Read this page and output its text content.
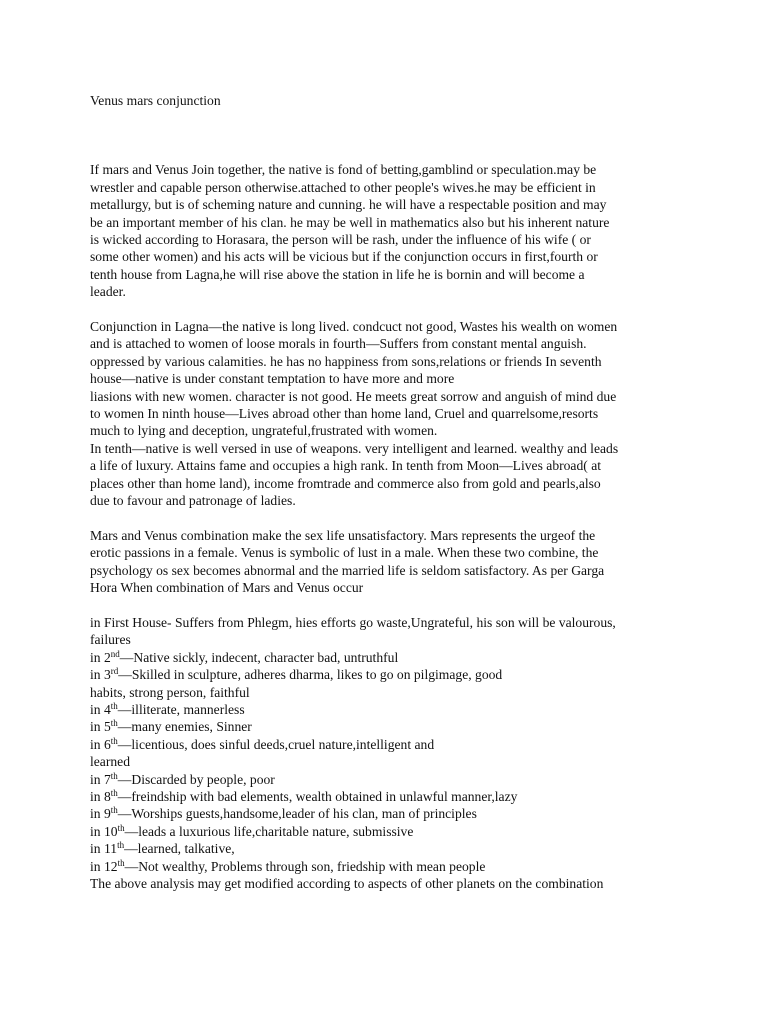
Venus mars conjunction
If mars and Venus Join together, the native is fond of betting,gamblind or speculation.may be
wrestler and capable person otherwise.attached to other people's wives.he may be efficient in
metallurgy, but is of scheming nature and cunning. he will have a respectable position and may
be an important member of his clan. he may be well in mathematics also but his inherent nature
is wicked according to Horasara, the person will be rash, under the influence of his wife ( or
some other women) and his acts will be vicious but if the conjunction occurs in first,fourth or
tenth house from Lagna,he will rise above the station in life he is bornin and will become a
leader.
Conjunction in Lagna—the native is long lived. condcuct not good, Wastes his wealth on women
and is attached to women of loose morals in fourth—Suffers from constant mental anguish.
oppressed by various calamities. he has no happiness from sons,relations or friends In seventh
house—native is under constant temptation to have more and more
liasions with new women. character is not good. He meets great sorrow and anguish of mind due
to women In ninth house—Lives abroad other than home land, Cruel and quarrelsome,resorts
much to lying and deception, ungrateful,frustrated with women.
In tenth—native is well versed in use of weapons. very intelligent and learned. wealthy and leads
a life of luxury. Attains fame and occupies a high rank. In tenth from Moon—Lives abroad( at
places other than home land), income fromtrade and commerce also from gold and pearls,also
due to favour and patronage of ladies.
Mars and Venus combination make the sex life unsatisfactory. Mars represents the urgeof the
erotic passions in a female. Venus is symbolic of lust in a male. When these two combine, the
psychology os sex becomes abnormal and the married life is seldom satisfactory. As per Garga
Hora When combination of Mars and Venus occur
in First House- Suffers from Phlegm, hies efforts go waste,Ungrateful, his son will be valourous,
failures
in 2nd—Native sickly, indecent, character bad, untruthful
in 3rd—Skilled in sculpture, adheres dharma, likes to go on pilgimage, good
habits, strong person, faithful
in 4th—illiterate, mannerless
in 5th—many enemies, Sinner
in 6th—licentious, does sinful deeds,cruel nature,intelligent and
learned
in 7th—Discarded by people, poor
in 8th—freindship with bad elements, wealth obtained in unlawful manner,lazy
in 9th—Worships guests,handsome,leader of his clan, man of principles
in 10th—leads a luxurious life,charitable nature, submissive
in 11th—learned, talkative,
in 12th—Not wealthy, Problems through son, friedship with mean people
The above analysis may get modified according to aspects of other planets on the combination
